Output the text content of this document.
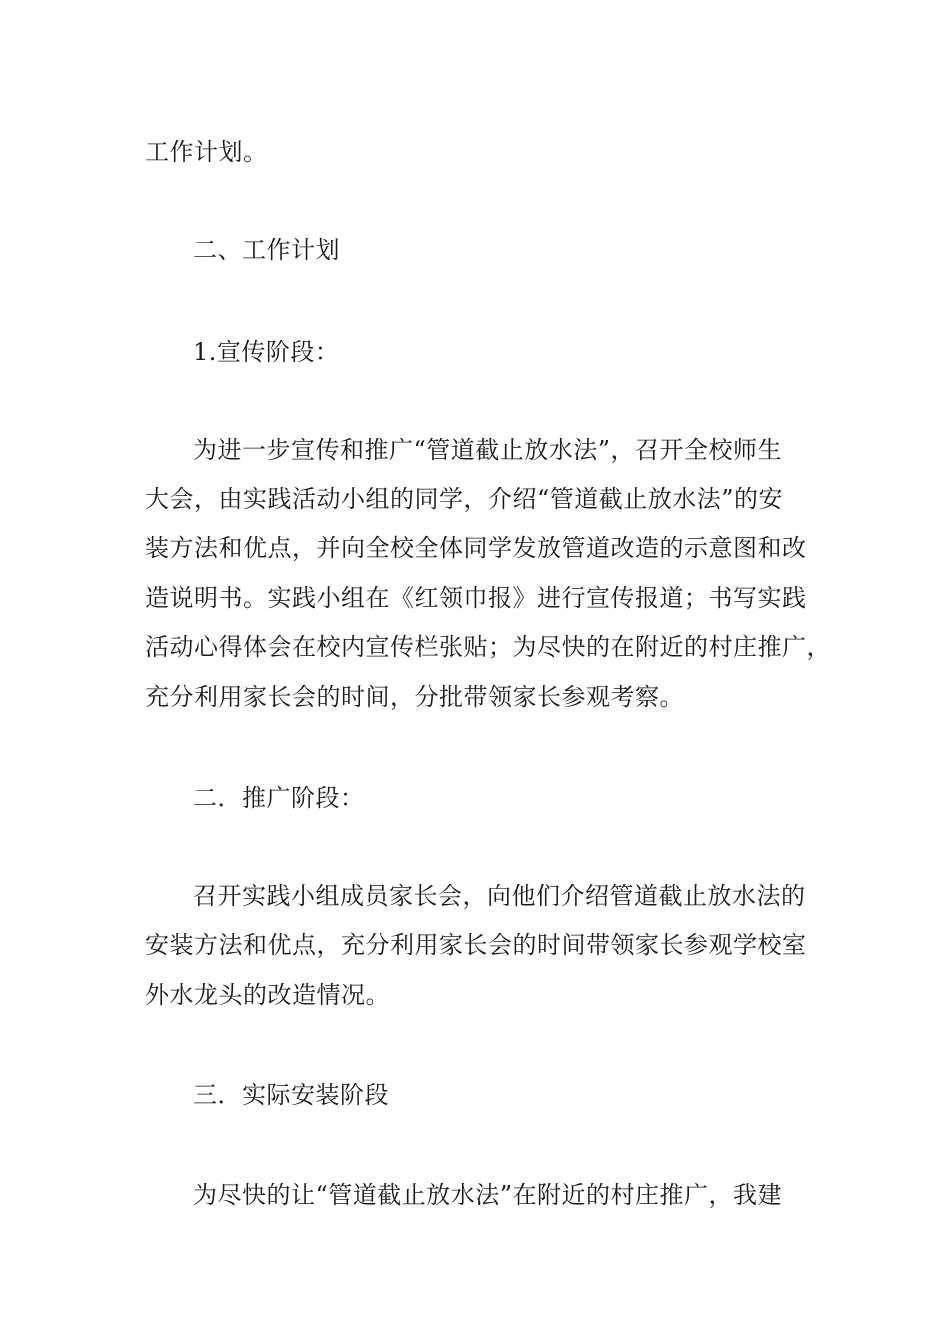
工作计划。
二、工作计划
1.宣传阶段：
为进一步宣传和推广“管道截止放水法”，召开全校师生
大会，由实践活动小组的同学，介绍“管道截止放水法”的安
装方法和优点，并向全校全体同学发放管道改造的示意图和改
造说明书。实践小组在《红领巾报》进行宣传报道；书写实践
活动心得体会在校内宣传栏张贴；为尽快的在附近的村庄推广，
充分利用家长会的时间，分批带领家长参观考察。
二．推广阶段：
召开实践小组成员家长会，向他们介绍管道截止放水法的
安装方法和优点，充分利用家长会的时间带领家长参观学校室
外水龙头的改造情况。
三．实际安装阶段
为尽快的让“管道截止放水法”在附近的村庄推广，我建
